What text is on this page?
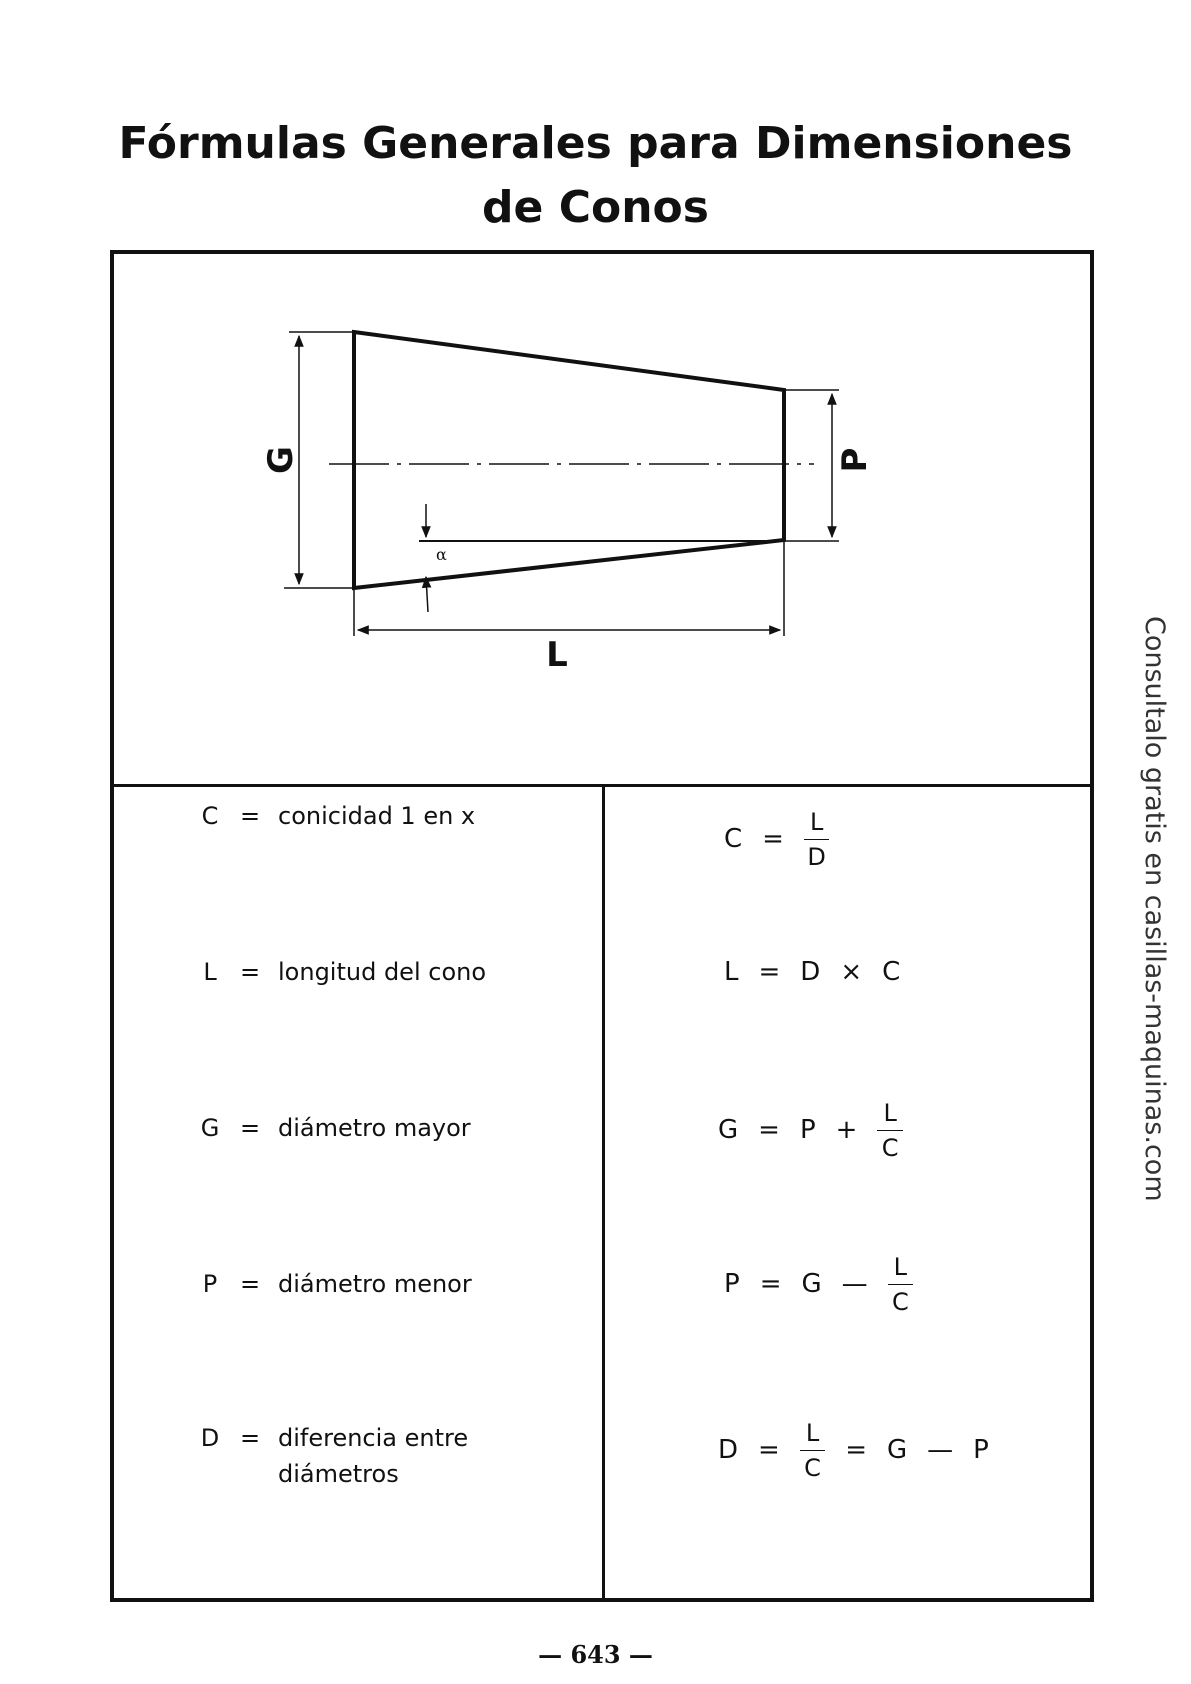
Fórmulas Generales para Dimensiones
de Conos
G	P
L
α
C = conicidad 1 en x
L = longitud del cono
G = diámetro mayor
P = diámetro menor
D = diferencia entre
diámetros
$C = \frac{L}{D}$
L = D × C
$G = P + \frac{L}{C}$
P = G — $\frac{L}{C}$
$D = \frac{L}{C} = G$ — P
— 643 —
Consultalo gratis en casillas-maquinas.com
